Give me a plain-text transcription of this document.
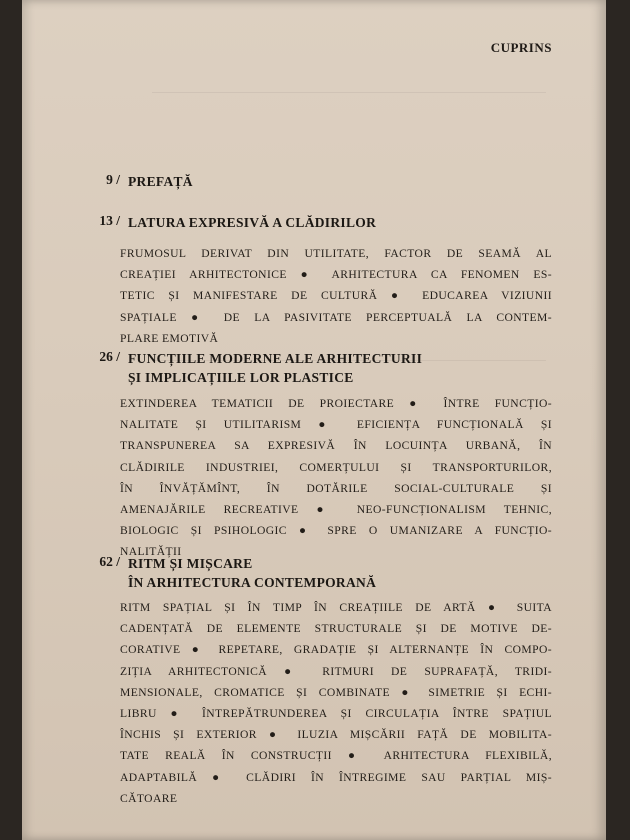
CUPRINS
9 / PREFAȚĂ
13 / LATURA EXPRESIVĂ A CLĂDIRILOR
FRUMOSUL DERIVAT DIN UTILITATE, FACTOR DE SEAMĂ AL
CREAȚIEI ARHITECTONICE ● ARHITECTURA CA FENOMEN ES-
TETIC ȘI MANIFESTARE DE CULTURĂ ● EDUCAREA VIZIUNII
SPAȚIALE ● DE LA PASIVITATE PERCEPTUALĂ LA CONTEM-
PLARE EMOTIVĂ
26 / FUNCȚIILE MODERNE ALE ARHITECTURII
ȘI IMPLICAȚIILE LOR PLASTICE
EXTINDEREA TEMATICII DE PROIECTARE ● ÎNTRE FUNCȚIO-
NALITATE ȘI UTILITARISM ● EFICIENȚA FUNCȚIONALĂ ȘI
TRANSPUNEREA SA EXPRESIVĂ ÎN LOCUINȚA URBANĂ, ÎN
CLĂDIRILE INDUSTRIEI, COMERȚULUI ȘI TRANSPORTURILOR,
ÎN ÎNVĂȚĂMÎNT, ÎN DOTĂRILE SOCIAL-CULTURALE ȘI
AMENAJĂRILE RECREATIVE ● NEO-FUNCȚIONALISM TEHNIC,
BIOLOGIC ȘI PSIHOLOGIC ● SPRE O UMANIZARE A FUNCȚIO-
NALITĂȚII
62 / RITM ȘI MIȘCARE
ÎN ARHITECTURA CONTEMPORANĂ
RITM SPAȚIAL ȘI ÎN TIMP ÎN CREAȚIILE DE ARTĂ ● SUITA
CADENȚATĂ DE ELEMENTE STRUCTURALE ȘI DE MOTIVE DE-
CORATIVE ● REPETARE, GRADAȚIE ȘI ALTERNANȚE ÎN COMPO-
ZIȚIA ARHITECTONICĂ ● RITMURI DE SUPRAFAȚĂ, TRIDI-
MENSIONALE, CROMATICE ȘI COMBINATE ● SIMETRIE ȘI ECHI-
LIBRU ● ÎNTREPĂTRUNDEREA ȘI CIRCULAȚIA ÎNTRE SPAȚIUL
ÎNCHIS ȘI EXTERIOR ● ILUZIA MIȘCĂRII FAȚĂ DE MOBILITA-
TATE REALĂ ÎN CONSTRUCȚII ● ARHITECTURA FLEXIBILĂ,
ADAPTABILĂ ● CLĂDIRI ÎN ÎNTREGIME SAU PARȚIAL MIȘ-
CĂTOARE
